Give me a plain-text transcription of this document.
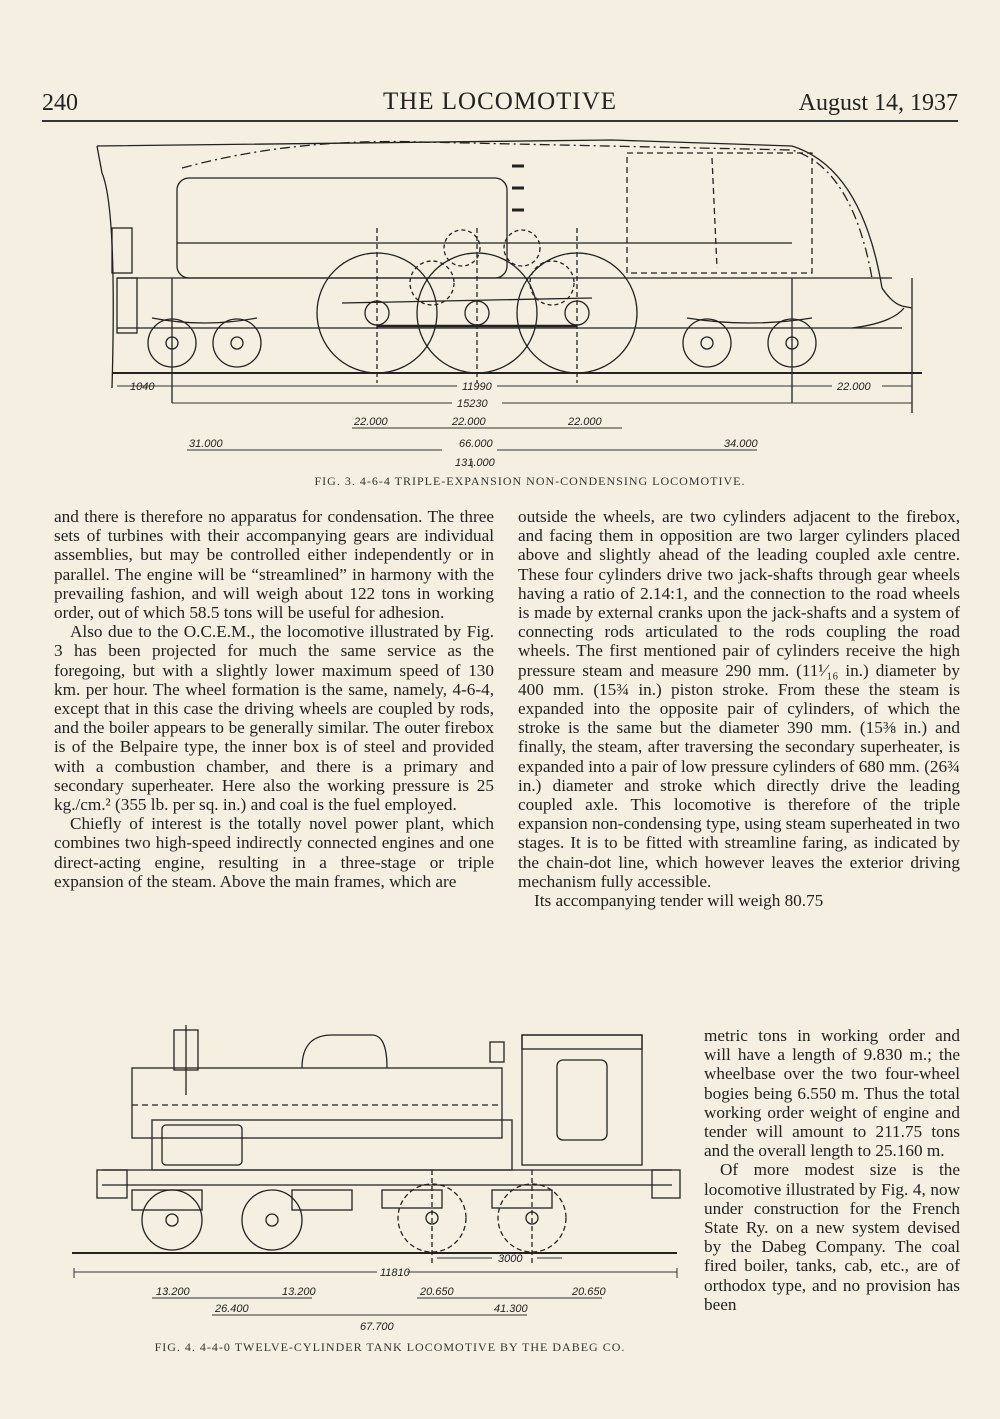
240	THE LOCOMOTIVE	August 14, 1937
1040	11990	22.000
15230
22.000	22.000	22.000
31.000	66.000	34.000
131.000
FIG. 3. 4-6-4 TRIPLE-EXPANSION NON-CONDENSING LOCOMOTIVE.

and there is therefore no apparatus for condensation. The three sets of turbines with their accompanying gears are individual assemblies, but may be controlled either independently or in parallel. The engine will be “streamlined” in harmony with the prevailing fashion, and will weigh about 122 tons in working order, out of which 58.5 tons will be useful for adhesion.

Also due to the O.C.E.M., the locomotive illustrated by Fig. 3 has been projected for much the same service as the foregoing, but with a slightly lower maximum speed of 130 km. per hour. The wheel formation is the same, namely, 4-6-4, except that in this case the driving wheels are coupled by rods, and the boiler appears to be generally similar. The outer firebox is of the Belpaire type, the inner box is of steel and provided with a combustion chamber, and there is a primary and secondary superheater. Here also the working pressure is 25 kg./cm.² (355 lb. per sq. in.) and coal is the fuel employed.

Chiefly of interest is the totally novel power plant, which combines two high-speed indirectly connected engines and one direct-acting engine, resulting in a three-stage or triple expansion of the steam. Above the main frames, which are

outside the wheels, are two cylinders adjacent to the firebox, and facing them in opposition are two larger cylinders placed above and slightly ahead of the leading coupled axle centre. These four cylinders drive two jack-shafts through gear wheels having a ratio of 2.14:1, and the connection to the road wheels is made by external cranks upon the jack-shafts and a system of connecting rods articulated to the rods coupling the road wheels. The first mentioned pair of cylinders receive the high pressure steam and measure 290 mm. (11¹⁄₁₆ in.) diameter by 400 mm. (15¾ in.) piston stroke. From these the steam is expanded into the opposite pair of cylinders, of which the stroke is the same but the diameter 390 mm. (15⅜ in.) and finally, the steam, after traversing the secondary superheater, is expanded into a pair of low pressure cylinders of 680 mm. (26¾ in.) diameter and stroke which directly drive the leading coupled axle. This locomotive is therefore of the triple expansion non-condensing type, using steam superheated in two stages. It is to be fitted with streamline faring, as indicated by the chain-dot line, which however leaves the exterior driving mechanism fully accessible.

Its accompanying tender will weigh 80.75

3000
11810
13.200	13.200	20.650	20.650
26.400	41.300
67.700
FIG. 4. 4-4-0 TWELVE-CYLINDER TANK LOCOMOTIVE BY THE DABEG CO.

metric tons in working order and will have a length of 9.830 m.; the wheelbase over the two four-wheel bogies being 6.550 m. Thus the total working order weight of engine and tender will amount to 211.75 tons and the overall length to 25.160 m.

Of more modest size is the locomotive illustrated by Fig. 4, now under construction for the French State Ry. on a new system devised by the Dabeg Company. The coal fired boiler, tanks, cab, etc., are of orthodox type, and no provision has been
